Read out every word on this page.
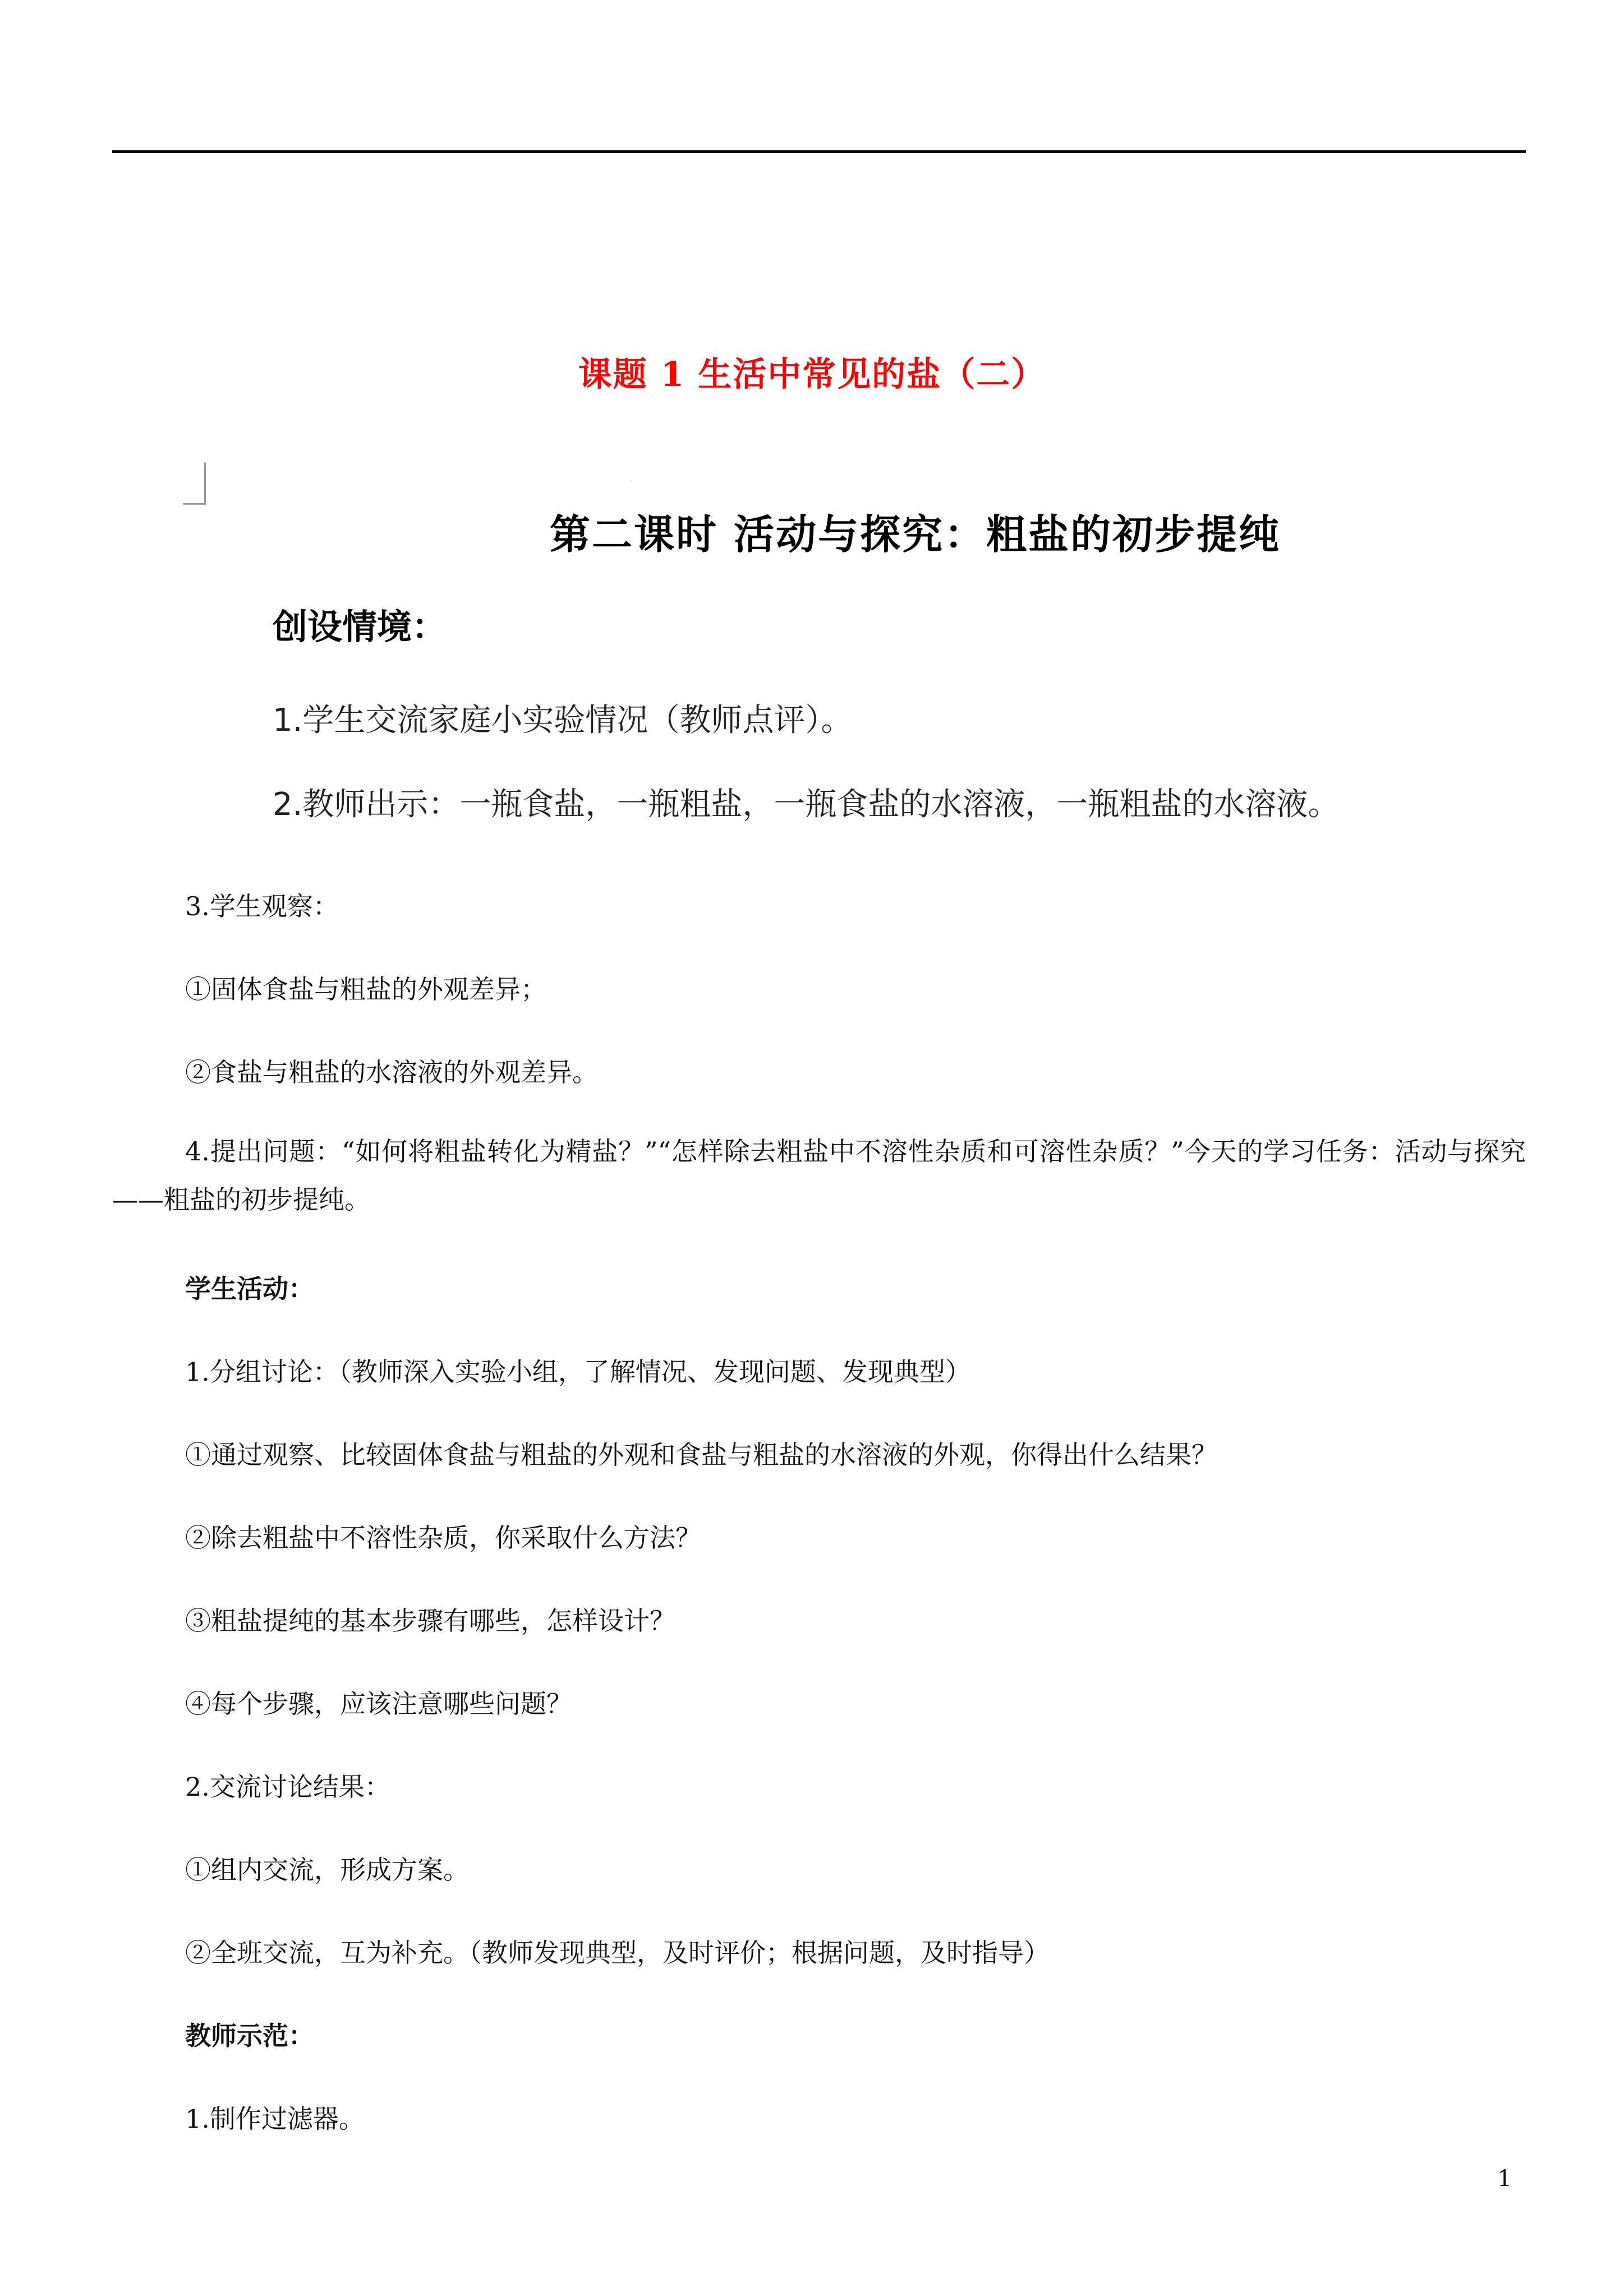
·
课题 1 生活中常见的盐（二）
第二课时 活动与探究：粗盐的初步提纯
创设情境：
1.学生交流家庭小实验情况（教师点评）。
2.教师出示：一瓶食盐，一瓶粗盐，一瓶食盐的水溶液，一瓶粗盐的水溶液。
3.学生观察：
①固体食盐与粗盐的外观差异；
②食盐与粗盐的水溶液的外观差异。
4.提出问题：“如何将粗盐转化为精盐？”“怎样除去粗盐中不溶性杂质和可溶性杂质？”今天的学习任务：活动与探究——粗盐的初步提纯。
学生活动：
1.分组讨论：（教师深入实验小组，了解情况、发现问题、发现典型）
①通过观察、比较固体食盐与粗盐的外观和食盐与粗盐的水溶液的外观，你得出什么结果？
②除去粗盐中不溶性杂质，你采取什么方法？
③粗盐提纯的基本步骤有哪些，怎样设计？
④每个步骤，应该注意哪些问题？
2.交流讨论结果：
①组内交流，形成方案。
②全班交流，互为补充。（教师发现典型，及时评价；根据问题，及时指导）
教师示范：
1.制作过滤器。
1
